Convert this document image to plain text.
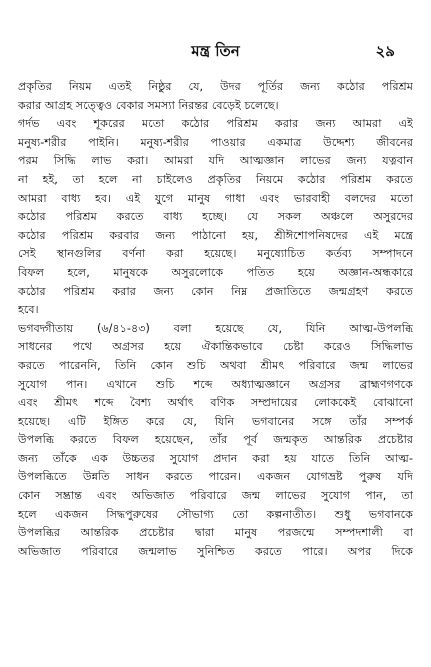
মন্ত্র তিন	২৯
প্রকৃতির নিয়ম এতই নিষ্ঠুর যে, উদর পূর্তির জন্য কঠোর পরিশ্রম
করার আগ্রহ সত্ত্বেও বেকার সমস্যা নিরন্তর বেড়েই চলেছে।
গর্দভ এবং শূকরের মতো কঠোর পরিশ্রম করার জন্য আমরা এই
মনুষ্য-শরীর পাইনি। মনুষ্য-শরীর পাওয়ার একমাত্র উদ্দেশ্য জীবনের
পরম সিদ্ধি লাভ করা। আমরা যদি আত্মজ্ঞান লাভের জন্য যত্নবান
না হই, তা হলে না চাইলেও প্রকৃতির নিয়মে কঠোর পরিশ্রম করতে
আমরা বাধ্য হব। এই যুগে মানুষ গাধা এবং ভারবাহী বলদের মতো
কঠোর পরিশ্রম করতে বাধ্য হচ্ছে। যে সকল অঞ্চলে অসুরদের
কঠোর পরিশ্রম করবার জন্য পাঠানো হয়, শ্রীঈশোপনিষদের এই মন্ত্রে
সেই স্থানগুলির বর্ণনা করা হয়েছে। মনুষ্যোচিত কর্তব্য সম্পাদনে
বিফল হলে, মানুষকে অসুরলোকে পতিত হয়ে অজ্ঞান-অন্ধকারে
কঠোর পরিশ্রম করার জন্য কোন নিম্ন প্রজাতিতে জন্মগ্রহণ করতে
হবে।
ভগবদ্গীতায় (৬/৪১-৪৩) বলা হয়েছে যে, যিনি আত্ম-উপলব্ধি
সাধনের পথে অগ্রসর হয়ে ঐকান্তিকভাবে চেষ্টা করেও সিদ্ধিলাভ
করতে পারেননি, তিনি কোন শুচি অথবা শ্রীমৎ পরিবারে জন্ম লাভের
সুযোগ পান। এখানে শুচি শব্দে অধ্যাত্মজ্ঞানে অগ্রসর ব্রাহ্মণগণকে
এবং শ্রীমৎ শব্দে বৈশ্য অর্থাৎ বণিক সম্প্রদায়ের লোককেই বোঝানো
হয়েছে। এটি ইঙ্গিত করে যে, যিনি ভগবানের সঙ্গে তাঁর সম্পর্ক
উপলব্ধি করতে বিফল হয়েছেন, তাঁর পূর্ব জন্মকৃত আন্তরিক প্রচেষ্টার
জন্য তাঁকে এক উচ্চতর সুযোগ প্রদান করা হয় যাতে তিনি আত্ম-
উপলব্ধিতে উন্নতি সাধন করতে পারেন। একজন যোগভ্রষ্ট পুরুষ যদি
কোন সম্ভ্রান্ত এবং অভিজাত পরিবারে জন্ম লাভের সুযোগ পান, তা
হলে একজন সিদ্ধপুরুষের সৌভাগ্য তো কল্পনাতীত। শুধু ভগবানকে
উপলব্ধির আন্তরিক প্রচেষ্টার দ্বারা মানুষ পরজন্মে সম্পদশালী বা
অভিজাত পরিবারে জন্মলাভ সুনিশ্চিত করতে পারে। অপর দিকে
